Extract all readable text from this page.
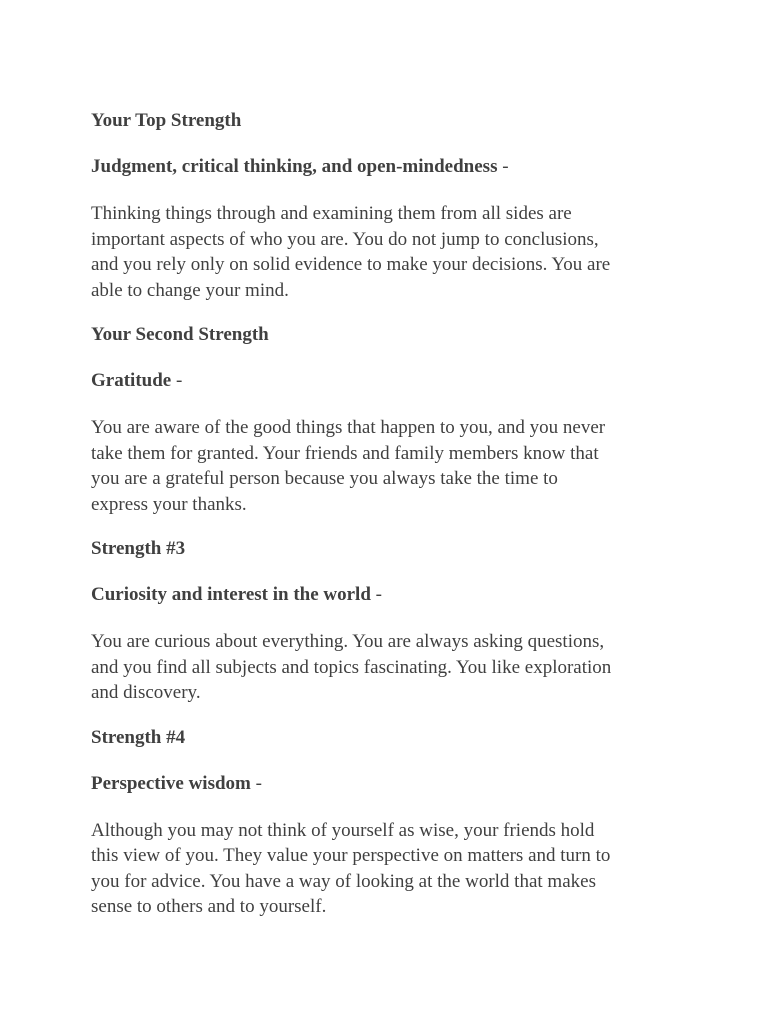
Your Top Strength
Judgment, critical thinking, and open-mindedness -
Thinking things through and examining them from all sides are
important aspects of who you are. You do not jump to conclusions,
and you rely only on solid evidence to make your decisions. You are
able to change your mind.
Your Second Strength
Gratitude -
You are aware of the good things that happen to you, and you never
take them for granted. Your friends and family members know that
you are a grateful person because you always take the time to
express your thanks.
Strength #3
Curiosity and interest in the world -
You are curious about everything. You are always asking questions,
and you find all subjects and topics fascinating. You like exploration
and discovery.
Strength #4
Perspective wisdom -
Although you may not think of yourself as wise, your friends hold
this view of you. They value your perspective on matters and turn to
you for advice. You have a way of looking at the world that makes
sense to others and to yourself.
